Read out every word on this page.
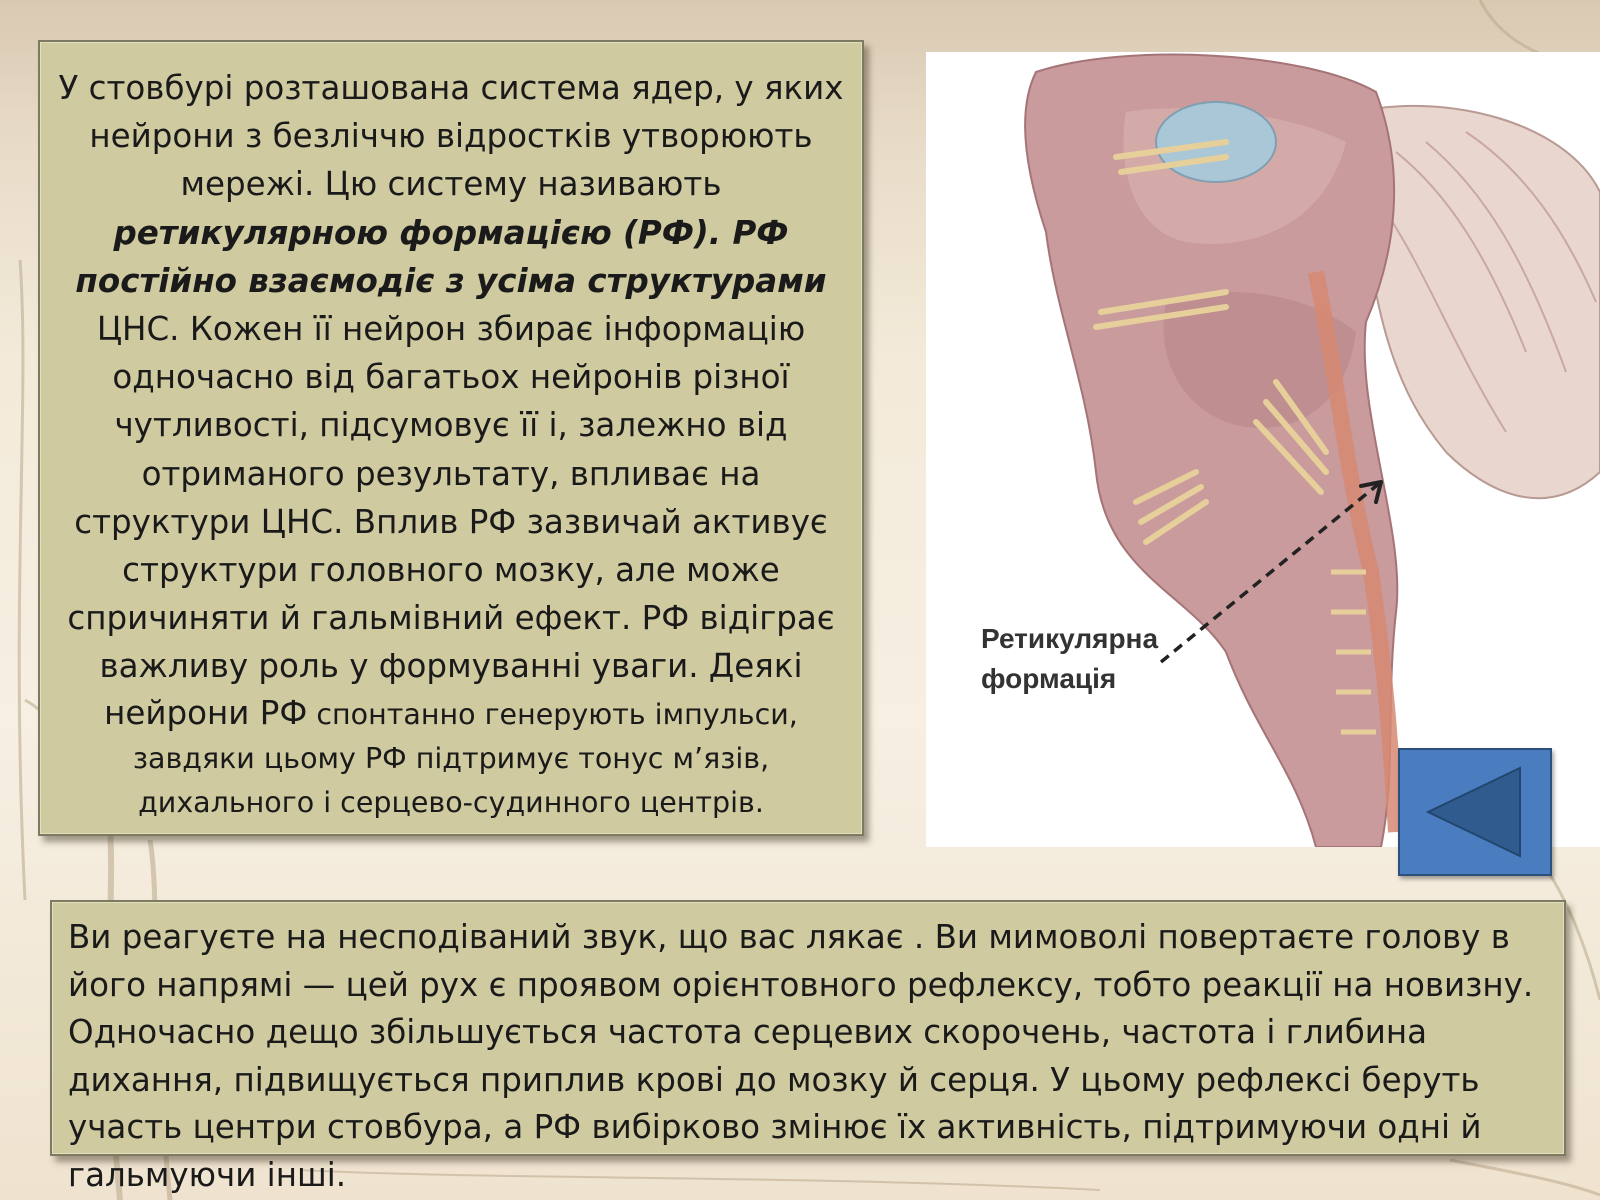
У стовбурі розташована система ядер, у яких нейрони з безліччю відростків утворюють мережі. Цю систему називають
ретикулярною формацією (РФ). РФ постійно взаємодіє з усіма структурами ЦНС. Кожен її нейрон збирає інформацію одночасно від багатьох нейронів різної чутливості, підсумовує її і, залежно від отриманого результату, впливає на структури ЦНС. Вплив РФ зазвичай активує структури головного мозку, але може спричиняти й гальмівний ефект. РФ відіграє важливу роль у формуванні уваги. Деякі
нейрони РФ спонтанно генерують імпульси, завдяки цьому РФ підтримує тонус м’язів, дихального і серцево-судинного центрів.

Ретикулярна
формація
Ви реагуєте на несподіваний звук, що вас лякає . Ви мимоволі повертаєте голову в його напрямі — цей рух є проявом орієнтовного рефлексу, тобто реакції на новизну. Одночасно дещо збільшується частота серцевих скорочень, частота і глибина дихання, підвищується приплив крові до мозку й серця. У цьому рефлексі беруть участь центри стовбура, а РФ вибірково змінює їх активність, підтримуючи одні й гальмуючи інші.
